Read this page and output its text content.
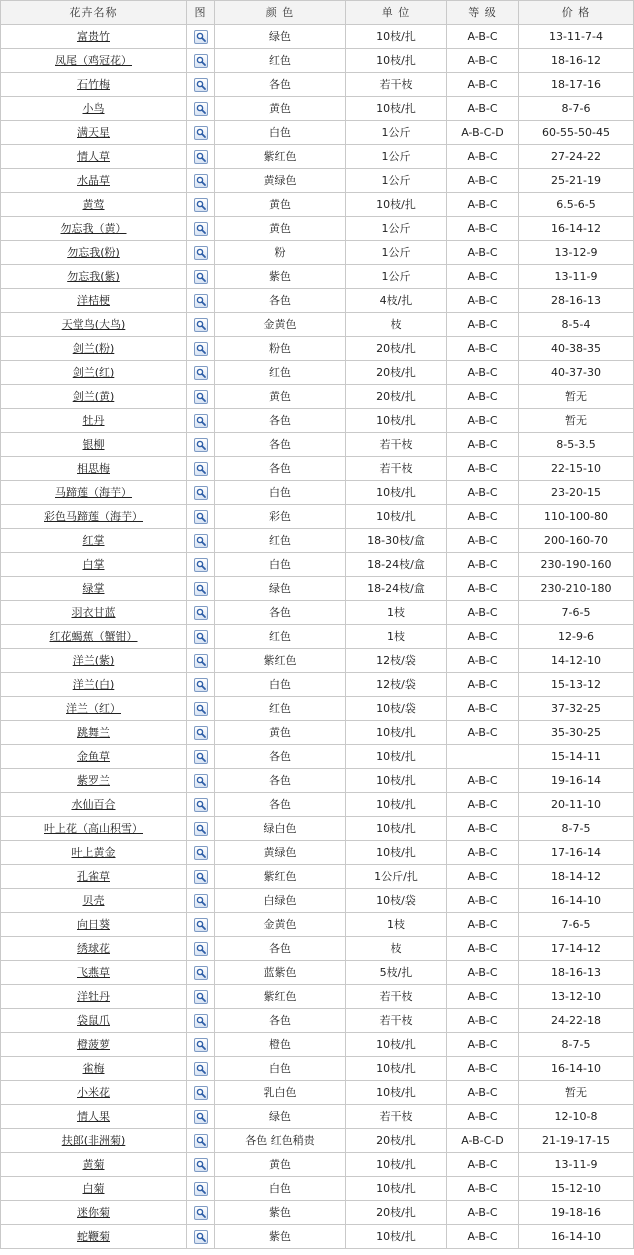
花卉名称	图	颜 色	单 位	等 级	价 格
富贵竹		绿色	10枝/扎	A-B-C	13-11-7-4
凤尾（鸡冠花）		红色	10枝/扎	A-B-C	18-16-12
石竹梅		各色	若干枝	A-B-C	18-17-16
小鸟		黄色	10枝/扎	A-B-C	8-7-6
满天星		白色	1公斤	A-B-C-D	60-55-50-45
情人草		紫红色	1公斤	A-B-C	27-24-22
水晶草		黄绿色	1公斤	A-B-C	25-21-19
黄莺		黄色	10枝/扎	A-B-C	6.5-6-5
勿忘我（黄）		黄色	1公斤	A-B-C	16-14-12
勿忘我(粉)		粉	1公斤	A-B-C	13-12-9
勿忘我(紫)		紫色	1公斤	A-B-C	13-11-9
洋桔梗		各色	4枝/扎	A-B-C	28-16-13
天堂鸟(大鸟)		金黄色	枝	A-B-C	8-5-4
剑兰(粉)		粉色	20枝/扎	A-B-C	40-38-35
剑兰(红)		红色	20枝/扎	A-B-C	40-37-30
剑兰(黄)		黄色	20枝/扎	A-B-C	暂无
牡丹		各色	10枝/扎	A-B-C	暂无
银柳		各色	若干枝	A-B-C	8-5-3.5
相思梅		各色	若干枝	A-B-C	22-15-10
马蹄莲（海芋）		白色	10枝/扎	A-B-C	23-20-15
彩色马蹄莲（海芋）		彩色	10枝/扎	A-B-C	110-100-80
红掌		红色	18-30枝/盒	A-B-C	200-160-70
白掌		白色	18-24枝/盒	A-B-C	230-190-160
绿掌		绿色	18-24枝/盒	A-B-C	230-210-180
羽衣甘蓝		各色	1枝	A-B-C	7-6-5
红花蝎蕉（蟹钳）		红色	1枝	A-B-C	12-9-6
洋兰(紫)		紫红色	12枝/袋	A-B-C	14-12-10
洋兰(白)		白色	12枝/袋	A-B-C	15-13-12
洋兰（红）		红色	10枝/袋	A-B-C	37-32-25
跳舞兰		黄色	10枝/扎	A-B-C	35-30-25
金鱼草		各色	10枝/扎		15-14-11
紫罗兰		各色	10枝/扎	A-B-C	19-16-14
水仙百合		各色	10枝/扎	A-B-C	20-11-10
叶上花（高山积雪）		绿白色	10枝/扎	A-B-C	8-7-5
叶上黄金		黄绿色	10枝/扎	A-B-C	17-16-14
孔雀草		紫红色	1公斤/扎	A-B-C	18-14-12
贝壳		白绿色	10枝/袋	A-B-C	16-14-10
向日葵		金黄色	1枝	A-B-C	7-6-5
绣球花		各色	枝	A-B-C	17-14-12
飞燕草		蓝紫色	5枝/扎	A-B-C	18-16-13
洋牡丹		紫红色	若干枝	A-B-C	13-12-10
袋鼠爪		各色	若干枝	A-B-C	24-22-18
橙菠萝		橙色	10枝/扎	A-B-C	8-7-5
雀梅		白色	10枝/扎	A-B-C	16-14-10
小米花		乳白色	10枝/扎	A-B-C	暂无
情人果		绿色	若干枝	A-B-C	12-10-8
扶郎(非洲菊)		各色 红色稍贵	20枝/扎	A-B-C-D	21-19-17-15
黄菊		黄色	10枝/扎	A-B-C	13-11-9
白菊		白色	10枝/扎	A-B-C	15-12-10
迷你菊		紫色	20枝/扎	A-B-C	19-18-16
蛇鞭菊		紫色	10枝/扎	A-B-C	16-14-10
